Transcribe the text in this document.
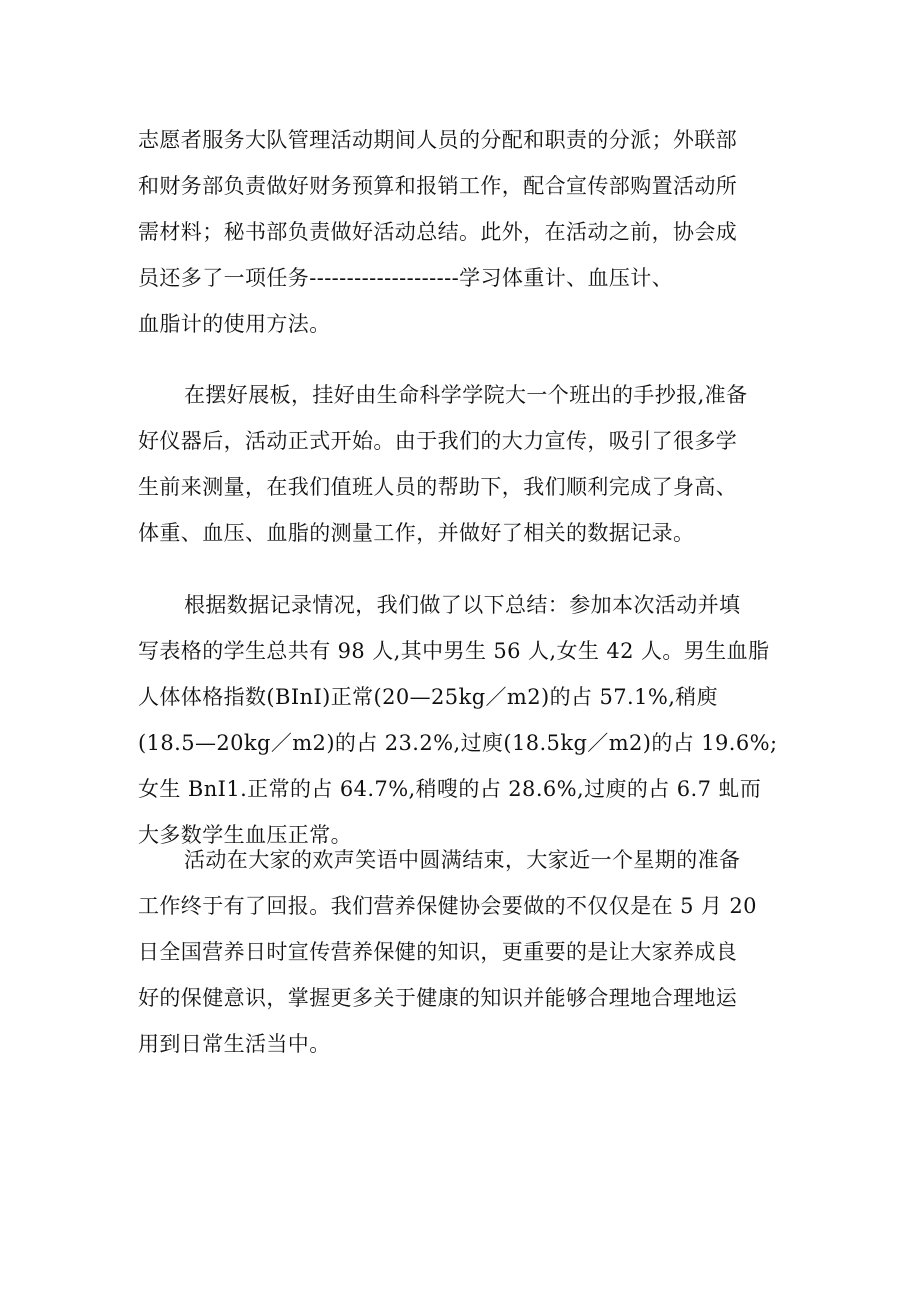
志愿者服务大队管理活动期间人员的分配和职责的分派；外联部
和财务部负责做好财务预算和报销工作，配合宣传部购置活动所
需材料；秘书部负责做好活动总结。此外，在活动之前，协会成
员还多了一项任务--------------------学习体重计、血压计、
血脂计的使用方法。

在摆好展板，挂好由生命科学学院大一个班出的手抄报,准备
好仪器后，活动正式开始。由于我们的大力宣传，吸引了很多学
生前来测量，在我们值班人员的帮助下，我们顺利完成了身高、
体重、血压、血脂的测量工作，并做好了相关的数据记录。

根据数据记录情况，我们做了以下总结：参加本次活动并填
写表格的学生总共有 98 人,其中男生 56 人,女生 42 人。男生血脂
人体体格指数(BInI)正常(20—25kg／m2)的占 57.1%,稍庾
(18.5—20kg／m2)的占 23.2%,过庾(18.5kg／m2)的占 19.6%;
女生 BnI1.正常的占 64.7%,稍嗖的占 28.6%,过庾的占 6.7 虬而
大多数学生血压正常。

活动在大家的欢声笑语中圆满结束，大家近一个星期的准备
工作终于有了回报。我们营养保健协会要做的不仅仅是在 5 月 20
日全国营养日时宣传营养保健的知识，更重要的是让大家养成良
好的保健意识，掌握更多关于健康的知识并能够合理地合理地运
用到日常生活当中。
